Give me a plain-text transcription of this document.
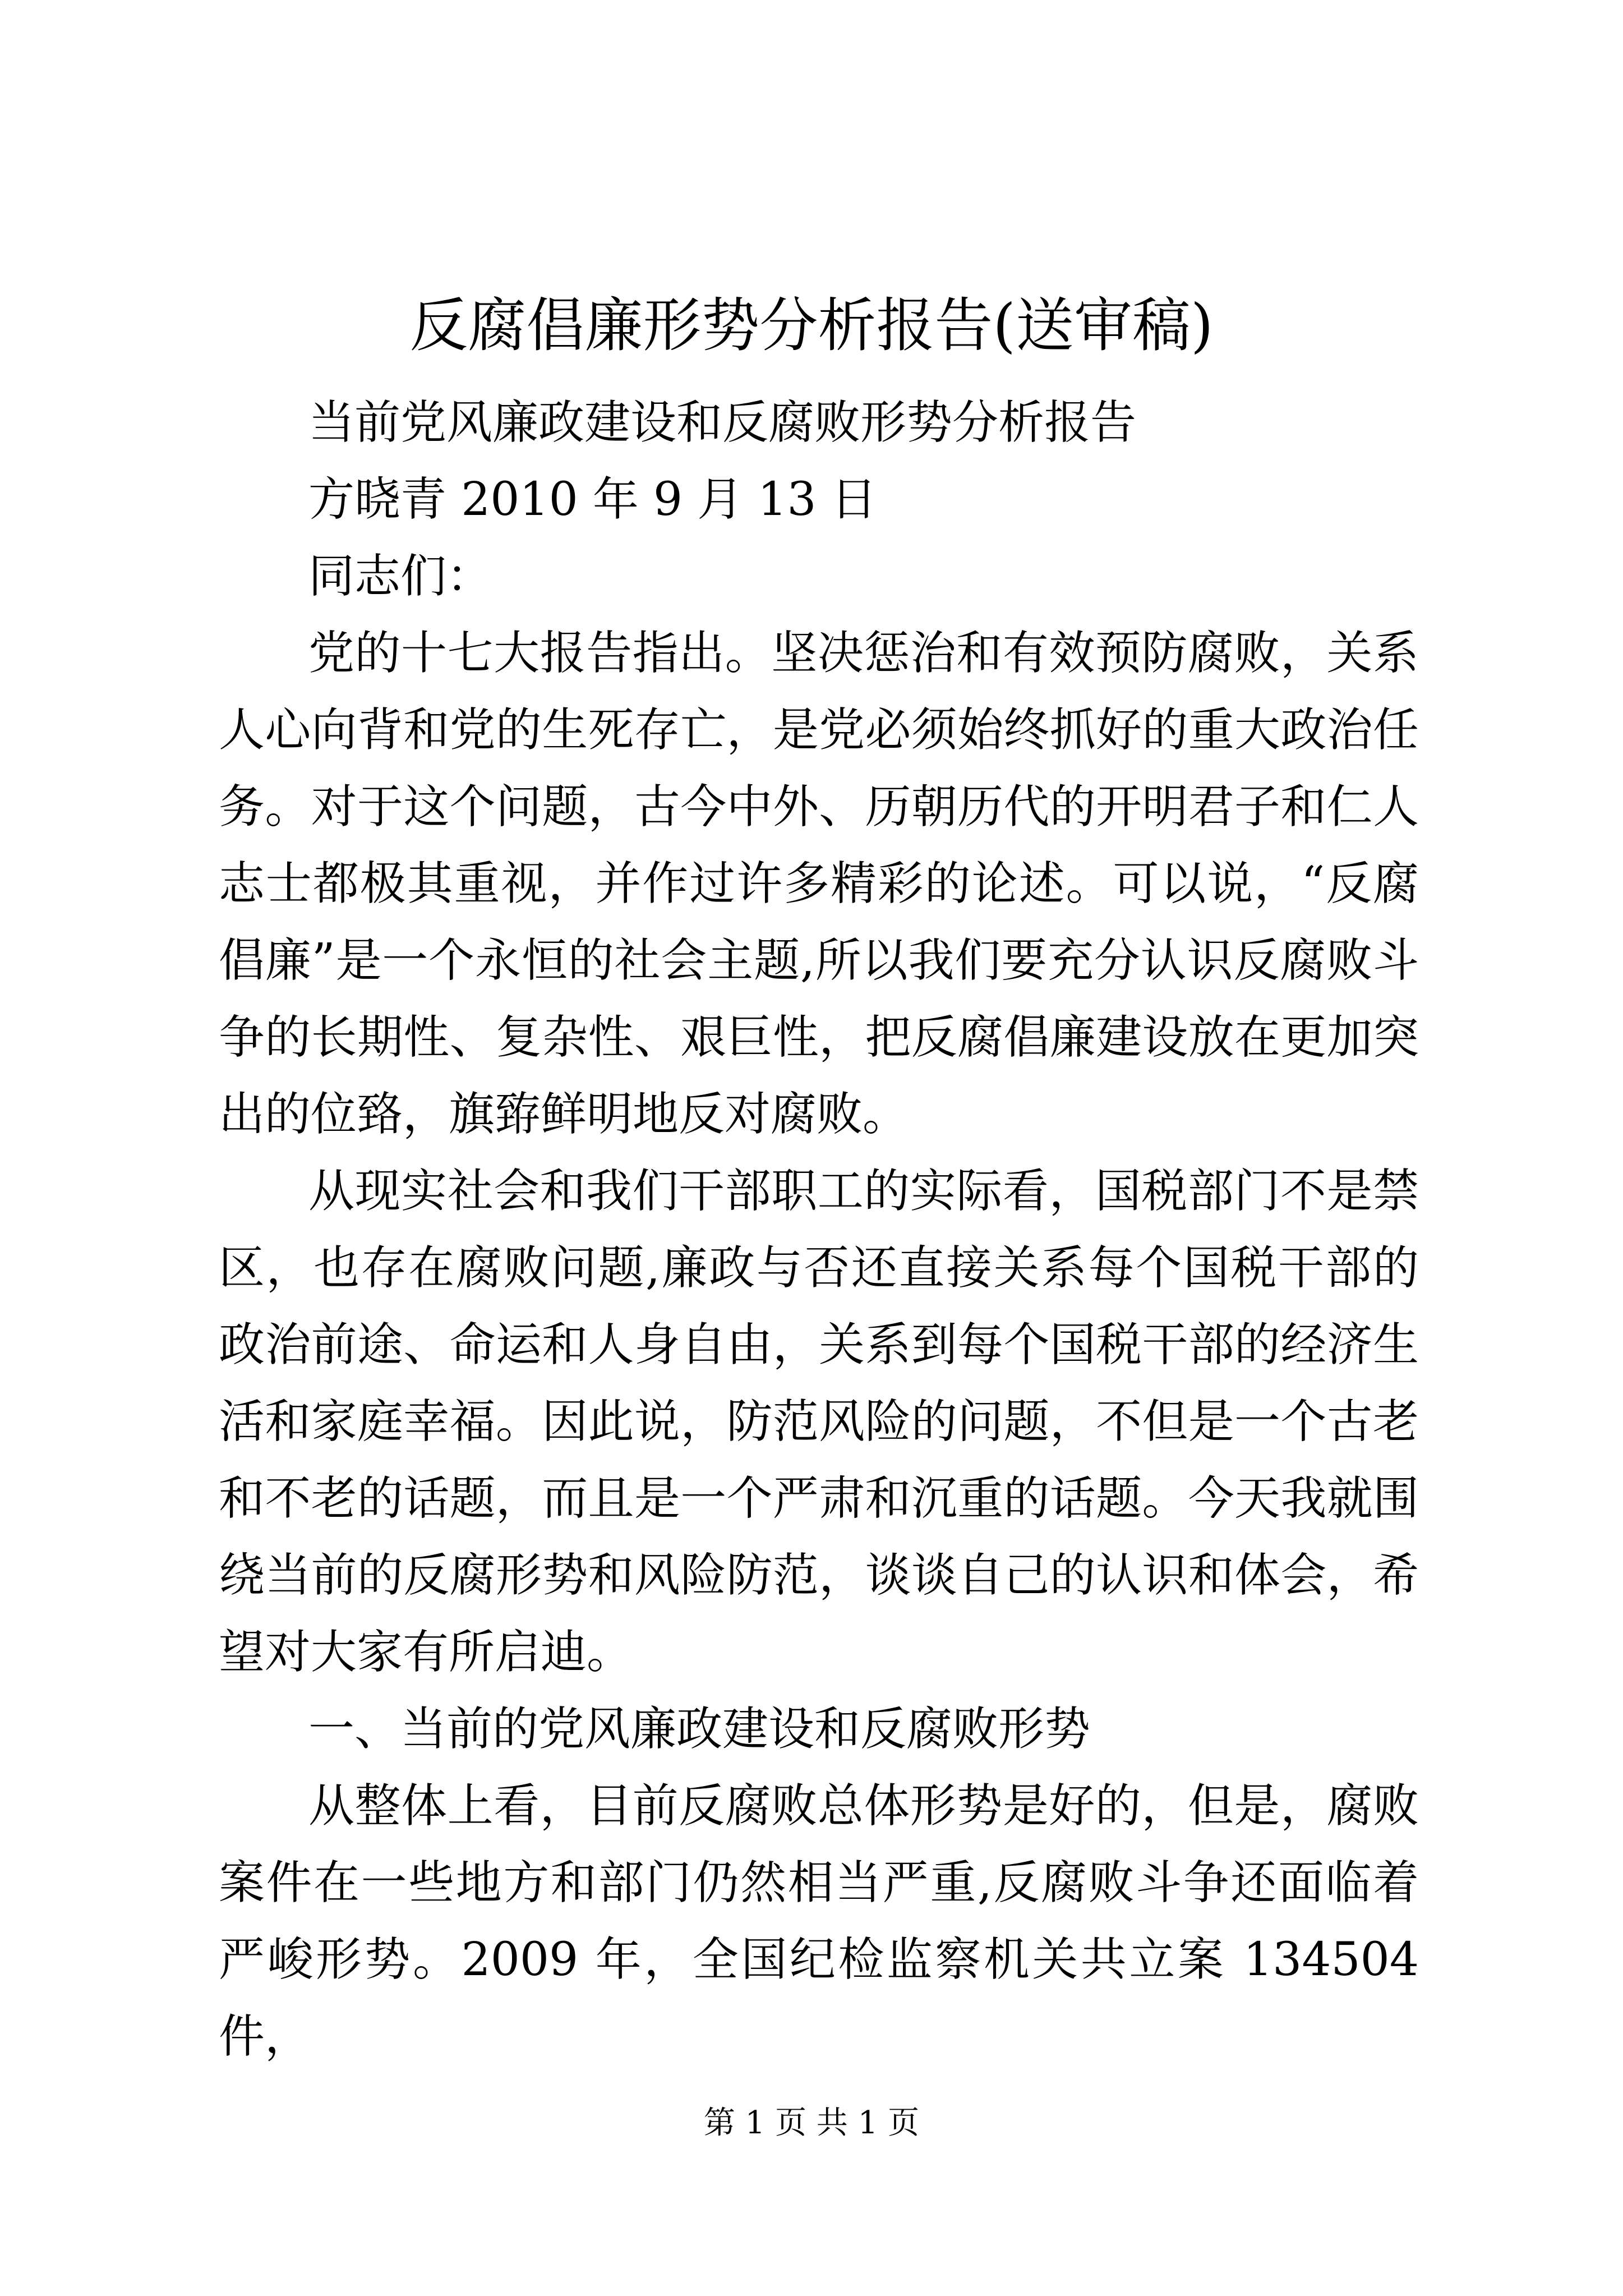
反腐倡廉形势分析报告(送审稿)

当前党风廉政建设和反腐败形势分析报告

方晓青 2010 年 9 月 13 日

同志们：

党的十七大报告指出。坚决惩治和有效预防腐败，关系人心向背和党的生死存亡，是党必须始终抓好的重大政治任务。对于这个问题，古今中外、历朝历代的开明君子和仁人志士都极其重视，并作过许多精彩的论述。可以说，“反腐倡廉”是一个永恒的社会主题,所以我们要充分认识反腐败斗争的长期性、复杂性、艰巨性，把反腐倡廉建设放在更加突出的位臵，旗臶鲜明地反对腐败。

从现实社会和我们干部职工的实际看，国税部门不是禁区，也存在腐败问题,廉政与否还直接关系每个国税干部的政治前途、命运和人身自由，关系到每个国税干部的经济生活和家庭幸福。因此说，防范风险的问题，不但是一个古老和不老的话题，而且是一个严肃和沉重的话题。今天我就围绕当前的反腐形势和风险防范，谈谈自己的认识和体会，希望对大家有所启迪。

一、当前的党风廉政建设和反腐败形势

从整体上看，目前反腐败总体形势是好的，但是，腐败案件在一些地方和部门仍然相当严重,反腐败斗争还面临着严峻形势。2009 年，全国纪检监察机关共立案 134504 件，

第 1 页 共 1 页
